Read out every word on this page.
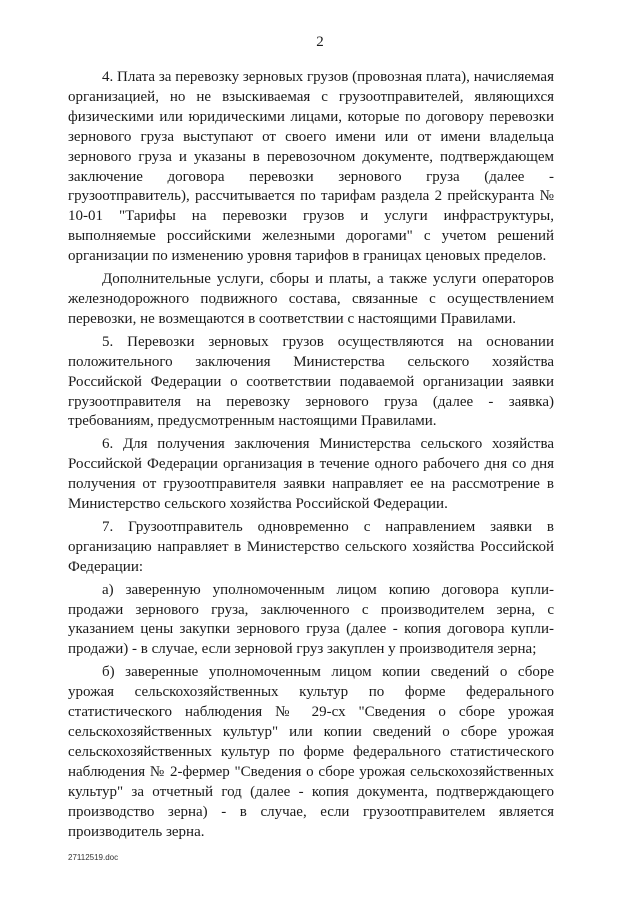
2

4. Плата за перевозку зерновых грузов (провозная плата), начисляемая организацией, но не взыскиваемая с грузоотправителей, являющихся физическими или юридическими лицами, которые по договору перевозки зернового груза выступают от своего имени или от имени владельца зернового груза и указаны в перевозочном документе, подтверждающем заключение договора перевозки зернового груза (далее - грузоотправитель), рассчитывается по тарифам раздела 2 прейскуранта № 10-01 "Тарифы на перевозки грузов и услуги инфраструктуры, выполняемые российскими железными дорогами" с учетом решений организации по изменению уровня тарифов в границах ценовых пределов.

Дополнительные услуги, сборы и платы, а также услуги операторов железнодорожного подвижного состава, связанные с осуществлением перевозки, не возмещаются в соответствии с настоящими Правилами.

5. Перевозки зерновых грузов осуществляются на основании положительного заключения Министерства сельского хозяйства Российской Федерации о соответствии подаваемой организации заявки грузоотправителя на перевозку зернового груза (далее - заявка) требованиям, предусмотренным настоящими Правилами.

6. Для получения заключения Министерства сельского хозяйства Российской Федерации организация в течение одного рабочего дня со дня получения от грузоотправителя заявки направляет ее на рассмотрение в Министерство сельского хозяйства Российской Федерации.

7. Грузоотправитель одновременно с направлением заявки в организацию направляет в Министерство сельского хозяйства Российской Федерации:

а) заверенную уполномоченным лицом копию договора купли-продажи зернового груза, заключенного с производителем зерна, с указанием цены закупки зернового груза (далее - копия договора купли-продажи) - в случае, если зерновой груз закуплен у производителя зерна;

б) заверенные уполномоченным лицом копии сведений о сборе урожая сельскохозяйственных культур по форме федерального статистического наблюдения № 29-сх "Сведения о сборе урожая сельскохозяйственных культур" или копии сведений о сборе урожая сельскохозяйственных культур по форме федерального статистического наблюдения № 2-фермер "Сведения о сборе урожая сельскохозяйственных культур" за отчетный год (далее - копия документа, подтверждающего производство зерна) - в случае, если грузоотправителем является производитель зерна.

27112519.doc
